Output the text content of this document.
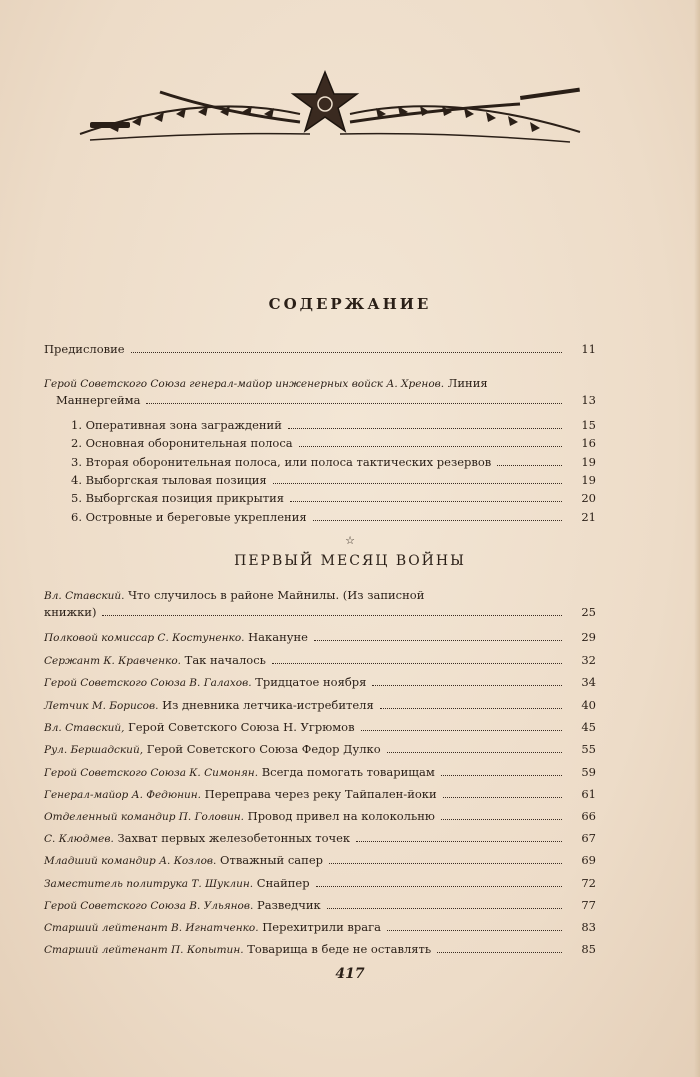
СОДЕРЖАНИЕ
Предисловие	11
Герой Советского Союза генерал-майор инженерных войск А. Хренов. Линия
Маннергейма	13
1. Оперативная зона заграждений	15
2. Основная оборонительная полоса	16
3. Вторая оборонительная полоса, или полоса тактических резервов	19
4. Выборгская тыловая позиция	19
5. Выборгская позиция прикрытия	20
6. Островные и береговые укрепления	21
☆
ПЕРВЫЙ МЕСЯЦ ВОЙНЫ
Вл. Ставский. Что случилось в районе Майнилы. (Из записной
книжки)	25
Полковой комиссар С. Костуненко. Накануне	29
Сержант К. Кравченко. Так началось	32
Герой Советского Союза В. Галахов. Тридцатое ноября	34
Летчик М. Борисов. Из дневника летчика-истребителя	40
Вл. Ставский, Герой Советского Союза Н. Угрюмов	45
Рул. Бершадский, Герой Советского Союза Федор Дулко	55
Герой Советского Союза К. Симонян. Всегда помогать товарищам	59
Генерал-майор А. Федюнин. Переправа через реку Тайпален-йоки	61
Отделенный командир П. Головин. Провод привел на колокольню	66
С. Клюдмев. Захват первых железобетонных точек	67
Младший командир А. Козлов. Отважный сапер	69
Заместитель политрука Т. Шуклин. Снайпер	72
Герой Советского Союза В. Ульянов. Разведчик	77
Старший лейтенант В. Игнатченко. Перехитрили врага	83
Старший лейтенант П. Копытин. Товарища в беде не оставлять	85
417
